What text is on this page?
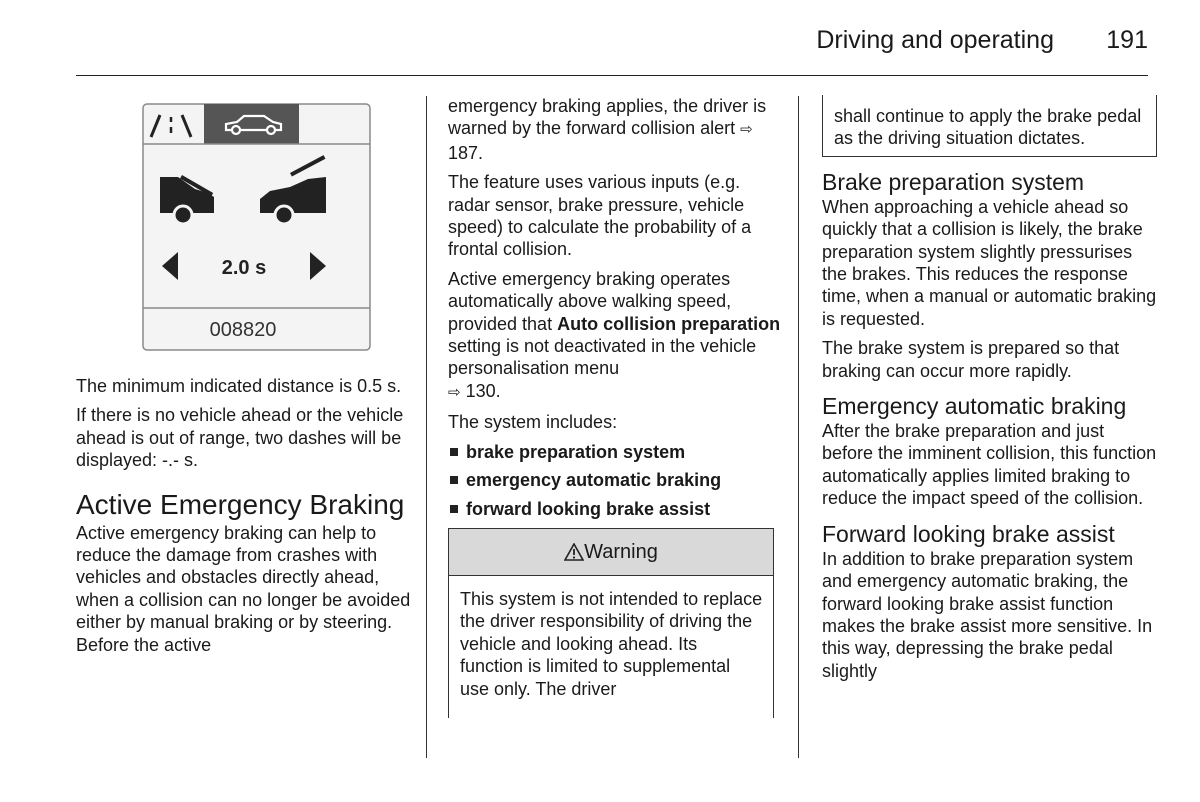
Driving and operating 191
2.0 s
008820

The minimum indicated distance is 0.5 s.

If there is no vehicle ahead or the vehicle ahead is out of range, two dashes will be displayed: -.- s.

Active Emergency Braking

Active emergency braking can help to reduce the damage from crashes with vehicles and obstacles directly ahead, when a collision can no longer be avoided either by manual braking or by steering. Before the active

emergency braking applies, the driver is warned by the forward collision alert ⇨ 187.

The feature uses various inputs (e.g. radar sensor, brake pressure, vehicle speed) to calculate the probability of a frontal collision.

Active emergency braking operates automatically above walking speed, provided that Auto collision preparation setting is not deactivated in the vehicle personalisation menu
⇨ 130.

The system includes:

brake preparation system
emergency automatic braking
forward looking brake assist
Warning
This system is not intended to replace the driver responsibility of driving the vehicle and looking ahead. Its function is limited to supplemental use only. The driver
shall continue to apply the brake pedal as the driving situation dictates.
Brake preparation system

When approaching a vehicle ahead so quickly that a collision is likely, the brake preparation system slightly pressurises the brakes. This reduces the response time, when a manual or automatic braking is requested.

The brake system is prepared so that braking can occur more rapidly.

Emergency automatic braking

After the brake preparation and just before the imminent collision, this function automatically applies limited braking to reduce the impact speed of the collision.

Forward looking brake assist

In addition to brake preparation system and emergency automatic braking, the forward looking brake assist function makes the brake assist more sensitive. In this way, depressing the brake pedal slightly
